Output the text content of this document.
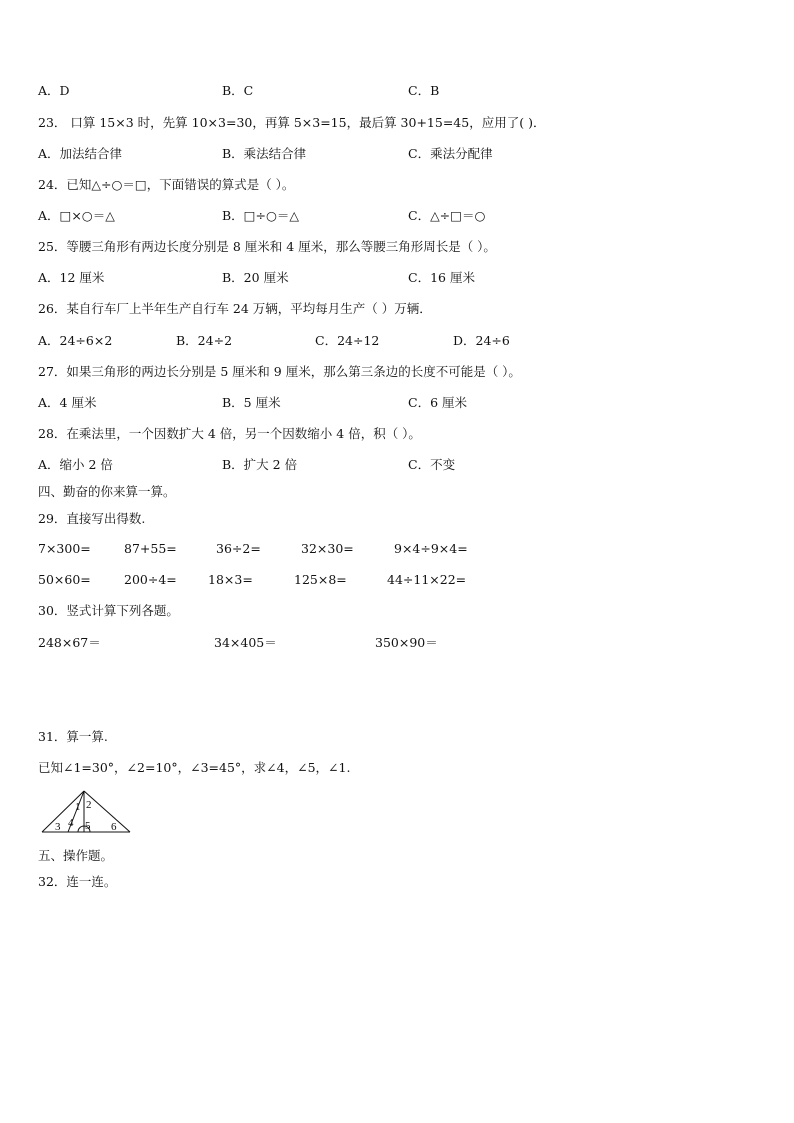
A．D	B．C	C．B
23． 口算 15×3 时，先算 10×3=30，再算 5×3=15，最后算 30+15=45，应用了( )．
A．加法结合律	B．乘法结合律	C．乘法分配律
24．已知△÷○＝□，下面错误的算式是（ ）。
A．□×○＝△	B．□÷○＝△	C．△÷□＝○
25．等腰三角形有两边长度分别是 8 厘米和 4 厘米，那么等腰三角形周长是（ ）。
A．12 厘米	B．20 厘米	C．16 厘米
26．某自行车厂上半年生产自行车 24 万辆，平均每月生产（ ）万辆．
A．24÷6×2	B．24÷2	C．24÷12	D．24÷6
27．如果三角形的两边长分别是 5 厘米和 9 厘米，那么第三条边的长度不可能是（ ）。
A．4 厘米	B．5 厘米	C．6 厘米
28．在乘法里，一个因数扩大 4 倍，另一个因数缩小 4 倍，积（ ）。
A．缩小 2 倍	B．扩大 2 倍	C．不变
四、勤奋的你来算一算。
29．直接写出得数.
7×300=	87+55=	36÷2=	32×30=	9×4÷9×4=
50×60=	200÷4= 18×3=	125×8=	44÷11×22=
30．竖式计算下列各题。
248×67＝	34×405＝	350×90＝
31．算一算.
已知∠1=30°，∠2=10°，∠3=45°，求∠4，∠5，∠1.
1 2
3 4 5 6
五、操作题。
32．连一连。
